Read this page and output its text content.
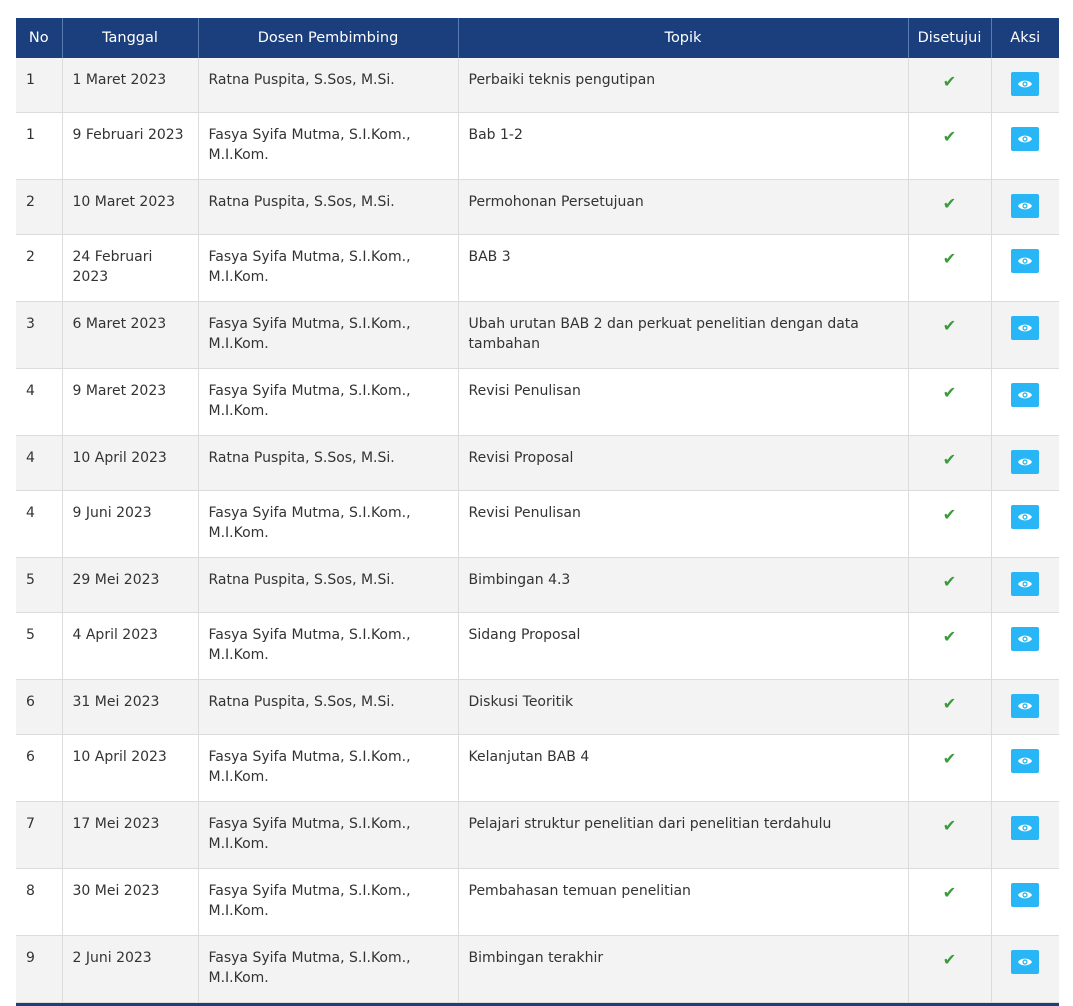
No	Tanggal	Dosen Pembimbing	Topik	Disetujui	Aksi
1	1 Maret 2023	Ratna Puspita, S.Sos, M.Si.	Perbaiki teknis pengutipan	✔	

1	9 Februari 2023	Fasya Syifa Mutma, S.I.Kom., M.I.Kom.	Bab 1-2	✔	

2	10 Maret 2023	Ratna Puspita, S.Sos, M.Si.	Permohonan Persetujuan	✔	

2	24 Februari 2023	Fasya Syifa Mutma, S.I.Kom., M.I.Kom.	BAB 3	✔	

3	6 Maret 2023	Fasya Syifa Mutma, S.I.Kom., M.I.Kom.	Ubah urutan BAB 2 dan perkuat penelitian dengan data tambahan	✔	

4	9 Maret 2023	Fasya Syifa Mutma, S.I.Kom., M.I.Kom.	Revisi Penulisan	✔	

4	10 April 2023	Ratna Puspita, S.Sos, M.Si.	Revisi Proposal	✔	

4	9 Juni 2023	Fasya Syifa Mutma, S.I.Kom., M.I.Kom.	Revisi Penulisan	✔	

5	29 Mei 2023	Ratna Puspita, S.Sos, M.Si.	Bimbingan 4.3	✔	

5	4 April 2023	Fasya Syifa Mutma, S.I.Kom., M.I.Kom.	Sidang Proposal	✔	

6	31 Mei 2023	Ratna Puspita, S.Sos, M.Si.	Diskusi Teoritik	✔	

6	10 April 2023	Fasya Syifa Mutma, S.I.Kom., M.I.Kom.	Kelanjutan BAB 4	✔	

7	17 Mei 2023	Fasya Syifa Mutma, S.I.Kom., M.I.Kom.	Pelajari struktur penelitian dari penelitian terdahulu	✔	

8	30 Mei 2023	Fasya Syifa Mutma, S.I.Kom., M.I.Kom.	Pembahasan temuan penelitian	✔	

9	2 Juni 2023	Fasya Syifa Mutma, S.I.Kom., M.I.Kom.	Bimbingan terakhir	✔	
